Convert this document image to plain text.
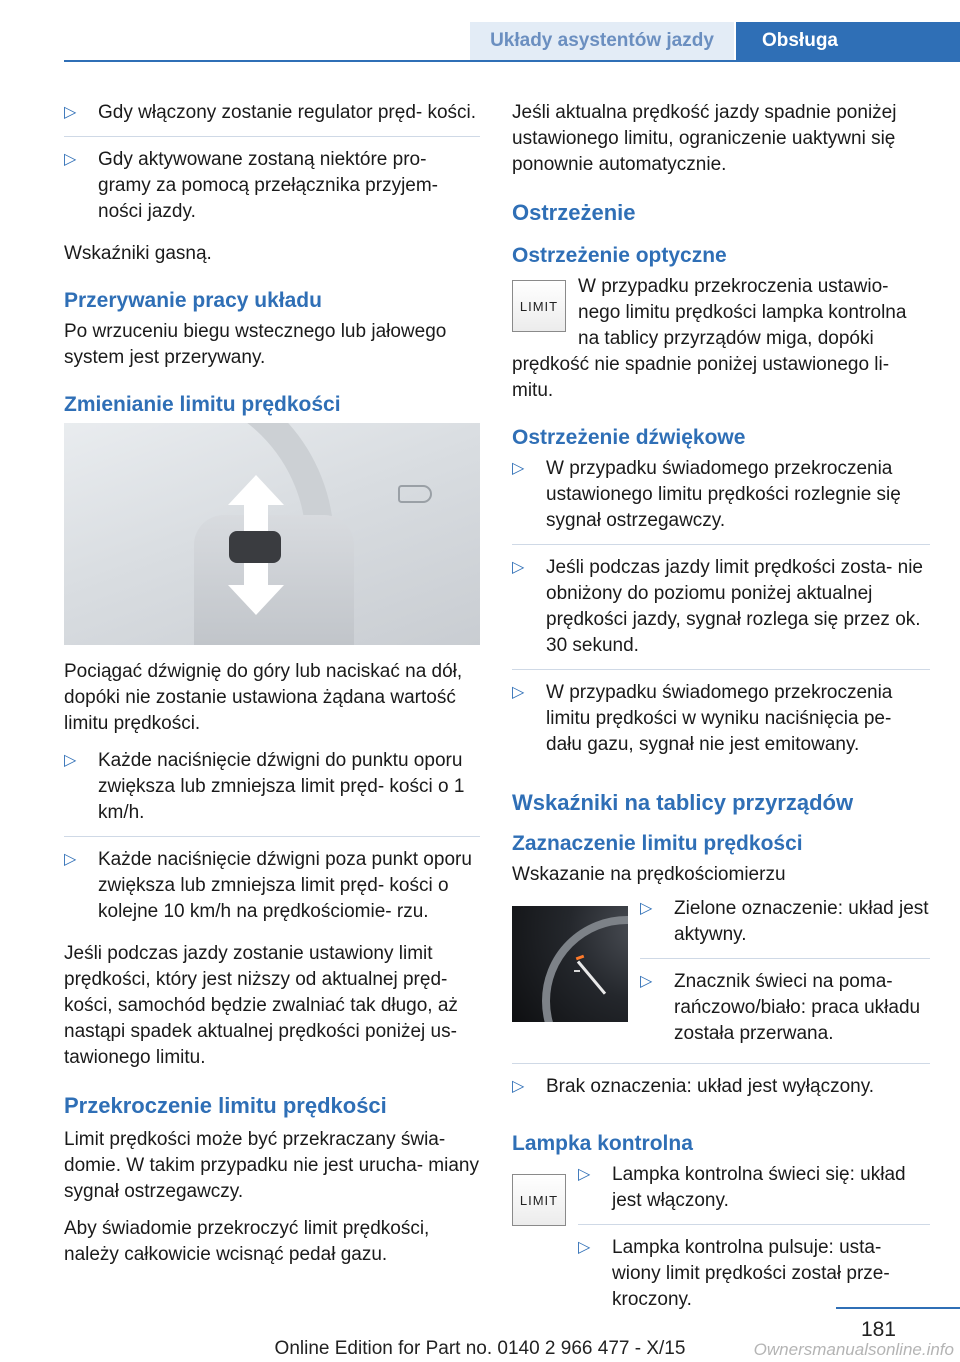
Układy asystentów jazdy	Obsługa
▷ Gdy włączony zostanie regulator pręd‐ kości.
▷ Gdy aktywowane zostaną niektóre pro‐ gramy za pomocą przełącznika przyjem‐ ności jazdy.

Wskaźniki gasną.

Przerywanie pracy układu

Po wrzuceniu biegu wstecznego lub jałowego system jest przerywany.

Zmienianie limitu prędkości

Pociągać dźwignię do góry lub naciskać na dół, dopóki nie zostanie ustawiona żądana wartość limitu prędkości.

▷ Każde naciśnięcie dźwigni do punktu oporu zwiększa lub zmniejsza limit pręd‐ kości o 1 km/h.
▷ Każde naciśnięcie dźwigni poza punkt oporu zwiększa lub zmniejsza limit pręd‐ kości o kolejne 10 km/h na prędkościomie‐ rzu.

Jeśli podczas jazdy zostanie ustawiony limit prędkości, który jest niższy od aktualnej pręd‐ kości, samochód będzie zwalniać tak długo, aż nastąpi spadek aktualnej prędkości poniżej us‐ tawionego limitu.

Przekroczenie limitu prędkości

Limit prędkości może być przekraczany świa‐ domie. W takim przypadku nie jest urucha‐ miany sygnał ostrzegawczy.

Aby świadomie przekroczyć limit prędkości, należy całkowicie wcisnąć pedał gazu.

Jeśli aktualna prędkość jazdy spadnie poniżej ustawionego limitu, ograniczenie uaktywni się ponownie automatycznie.

Ostrzeżenie
Ostrzeżenie optyczne
LIMIT

W przypadku przekroczenia ustawio‐ nego limitu prędkości lampka kontrolna na tablicy przyrządów miga, dopóki prędkość nie spadnie poniżej ustawionego li‐ mitu.

Ostrzeżenie dźwiękowe
▷ W przypadku świadomego przekroczenia ustawionego limitu prędkości rozlegnie się sygnał ostrzegawczy.
▷ Jeśli podczas jazdy limit prędkości zosta‐ nie obniżony do poziomu poniżej aktualnej prędkości jazdy, sygnał rozlega się przez ok. 30 sekund.
▷ W przypadku świadomego przekroczenia limitu prędkości w wyniku naciśnięcia pe‐ dału gazu, sygnał nie jest emitowany.
Wskaźniki na tablicy przyrządów
Zaznaczenie limitu prędkości

Wskazanie na prędkościomierzu

▷ Zielone oznaczenie: układ jest aktywny.
▷ Znacznik świeci na poma‐ rańczowo/biało: praca układu została przerwana.
▷ Brak oznaczenia: układ jest wyłączony.
Lampka kontrolna
LIMIT
▷ Lampka kontrolna świeci się: układ jest włączony.
▷ Lampka kontrolna pulsuje: usta‐ wiony limit prędkości został prze‐ kroczony.
181
Online Edition for Part no. 0140 2 966 477 - X/15	Ownersmanualsonline.info
